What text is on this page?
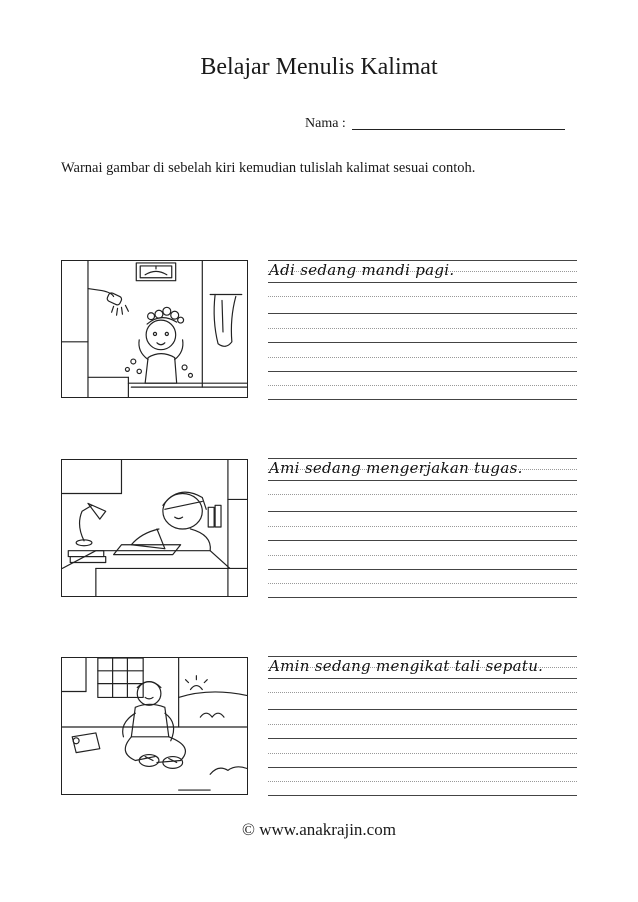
Belajar Menulis Kalimat
Nama :
Warnai gambar di sebelah kiri kemudian tulislah kalimat sesuai contoh.
Adi sedang mandi pagi.
Ami sedang mengerjakan tugas.
Amin sedang mengikat tali sepatu.
© www.anakrajin.com
